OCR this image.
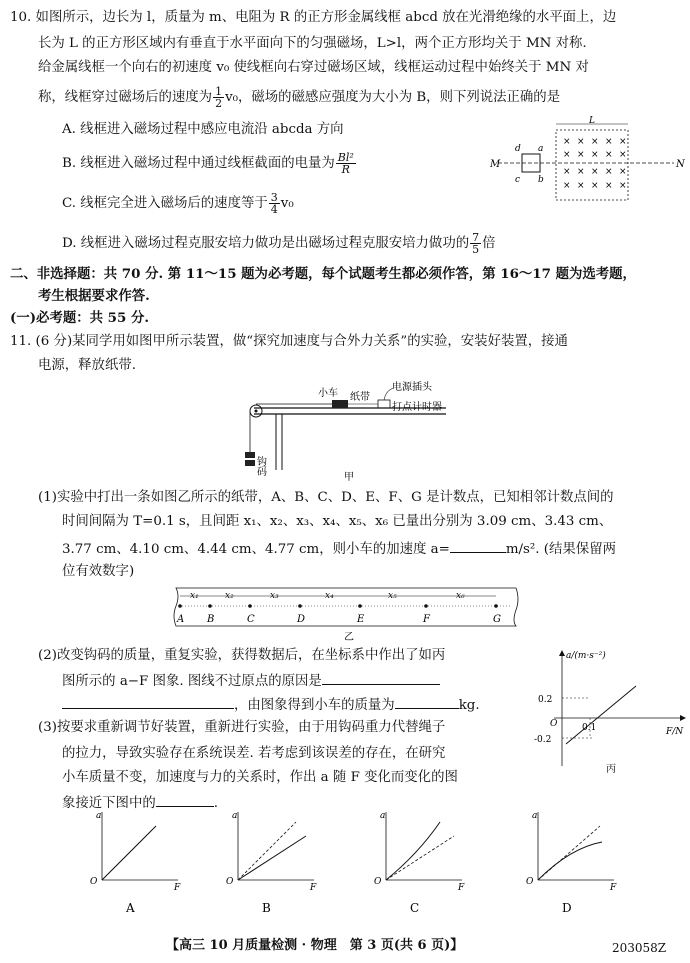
10. 如图所示，边长为 l，质量为 m、电阻为 R 的正方形金属线框 abcd 放在光滑绝缘的水平面上，边
长为 L 的正方形区域内有垂直于水平面向下的匀强磁场，L>l，两个正方形均关于 MN 对称.
给金属线框一个向右的初速度 v₀ 使线框向右穿过磁场区域，线框运动过程中始终关于 MN 对
称，线框穿过磁场后的速度为 $\frac{1}{2} v_0$，磁场的磁感应强度为大小为 B，则下列说法正确的是
A. 线框进入磁场过程中感应电流沿 abcda 方向
B. 线框进入磁场过程中通过线框截面的电量为 $\frac{\text{Bl²}}{R}$
C. 线框完全进入磁场后的速度等于 $\frac{3}{4} v_0$
D. 线框进入磁场过程克服安培力做功是出磁场过程克服安培力做功的 $\frac{7}{5}$ 倍
M	N
d a
c b
L
× × × × ×
× × × × ×
× × × × ×
× × × × ×
二、非选择题：共 70 分. 第 11～15 题为必考题，每个试题考生都必须作答，第 16～17 题为选考题，
考生根据要求作答.
(一)必考题：共 55 分.
11. (6 分)某同学用如图甲所示装置，做“探究加速度与合外力关系”的实验，安装好装置，接通
电源，释放纸带.
小车 纸带
电源插头
打点计时器
钩码
甲
(1)实验中打出一条如图乙所示的纸带，A、B、C、D、E、F、G 是计数点，已知相邻计数点间的
时间间隔为 T=0.1 s，且间距 x₁、x₂、x₃、x₄、x₅、x₆ 已量出分别为 3.09 cm、3.43 cm、
3.77 cm、4.10 cm、4.44 cm、4.77 cm，则小车的加速度 a=	m/s². (结果保留两
位有效数字)
A B	C	D	E	F	G
x₁	x₂	x₃	x₄	x₅	x₆
乙
(2)改变钩码的质量，重复实验，获得数据后，在坐标系中作出了如丙
图所示的 a−F 图象. 图线不过原点的原因是
，由图象得到小车的质量为	kg.
(3)按要求重新调节好装置，重新进行实验，由于用钩码重力代替绳子
的拉力，导致实验存在系统误差. 若考虑到该误差的存在，在研究
小车质量不变，加速度与力的关系时，作出 a 随 F 变化而变化的图
象接近下图中的	.
a/(m·s⁻²)
F/N
0.2
-0.2
O	0.1
丙
a
F
O
A
a
F
O
B
a
F
O
C
a
F
O
D
【高三 10 月质量检测 · 物理　第 3 页(共 6 页)】	203058Z
